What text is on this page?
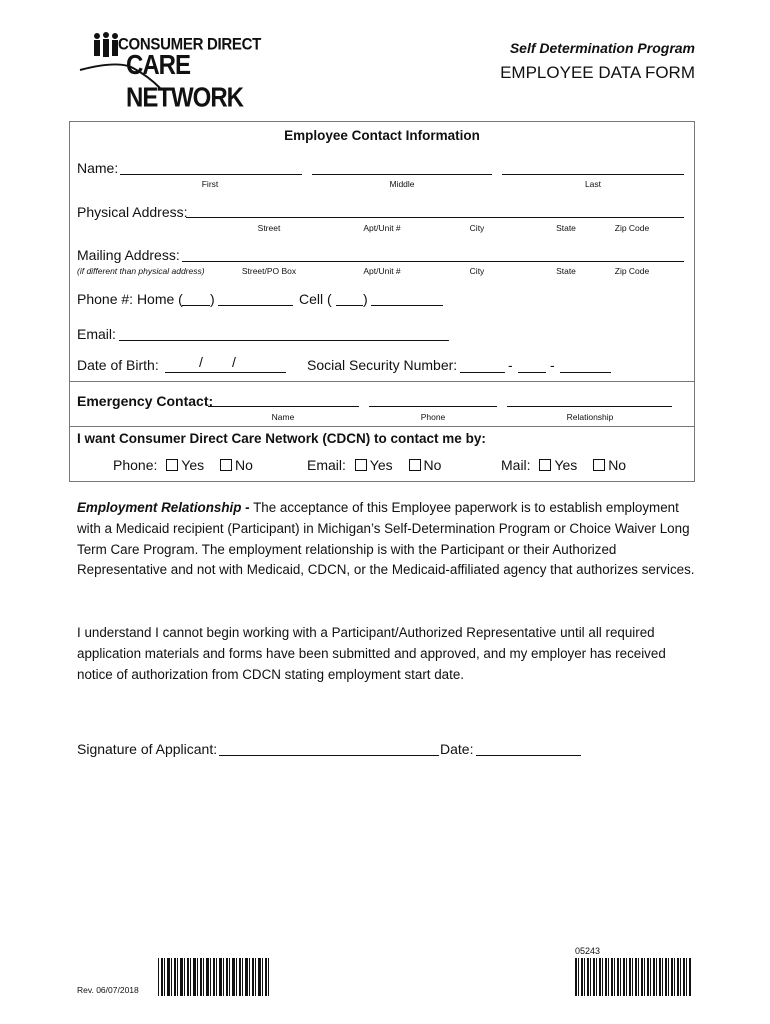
CONSUMER DIRECT
CARE NETWORK
Self Determination Program
EMPLOYEE DATA FORM
Employee Contact Information
Name:
First	Middle	Last
Physical Address:
Street	Apt/Unit #	City	State	Zip Code
Mailing Address:
(if different than physical address)	Street/PO Box	Apt/Unit #	City	State	Zip Code
Phone #: Home ( )	Cell ( )
Email:
Date of Birth:	/ /	Social Security Number:	-	-
Emergency Contact:
Name	Phone	Relationship
I want Consumer Direct Care Network (CDCN) to contact me by:
Phone: Yes No	Email: Yes No	Mail: Yes No
Employment Relationship - The acceptance of this Employee paperwork is to establish employment with a Medicaid recipient (Participant) in Michigan’s Self-Determination Program or Choice Waiver Long Term Care Program. The employment relationship is with the Participant or their Authorized Representative and not with Medicaid, CDCN, or the Medicaid-affiliated agency that authorizes services.
I understand I cannot begin working with a Participant/Authorized Representative until all required application materials and forms have been submitted and approved, and my employer has received notice of authorization from CDCN stating employment start date.
Signature of Applicant:	Date:
Rev. 06/07/2018
05243
